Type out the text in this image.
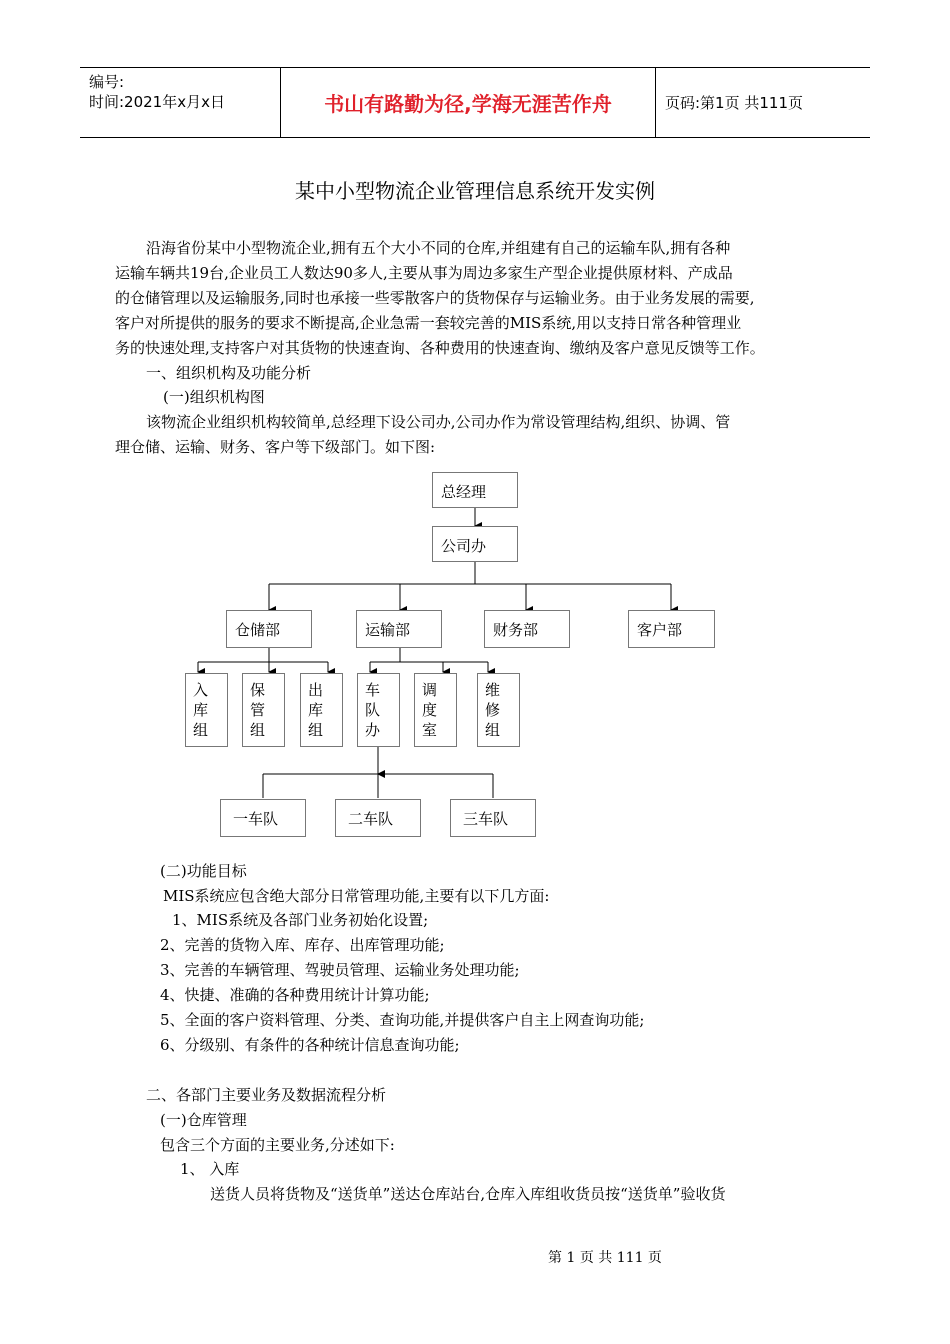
编号:
时间:2021年x月x日	书山有路勤为径,学海无涯苦作舟	页码:第1页 共111页
某中小型物流企业管理信息系统开发实例
沿海省份某中小型物流企业,拥有五个大小不同的仓库,并组建有自己的运输车队,拥有各种
运输车辆共19台,企业员工人数达90多人,主要从事为周边多家生产型企业提供原材料、产成品
的仓储管理以及运输服务,同时也承接一些零散客户的货物保存与运输业务。由于业务发展的需要,
客户对所提供的服务的要求不断提高,企业急需一套较完善的MIS系统,用以支持日常各种管理业
务的快速处理,支持客户对其货物的快速查询、各种费用的快速查询、缴纳及客户意见反馈等工作。
一、组织机构及功能分析
(一)组织机构图
该物流企业组织机构较简单,总经理下设公司办,公司办作为常设管理结构,组织、协调、管
理仓储、运输、财务、客户等下级部门。如下图:
总经理
公司办
仓储部	运输部	财务部	客户部
入库组
保管组
出库组
车队办
调度室
维修组
一车队	二车队	三车队
(二)功能目标
MIS系统应包含绝大部分日常管理功能,主要有以下几方面:
1、MIS系统及各部门业务初始化设置;
2、完善的货物入库、库存、出库管理功能;
3、完善的车辆管理、驾驶员管理、运输业务处理功能;
4、快捷、准确的各种费用统计计算功能;
5、全面的客户资料管理、分类、查询功能,并提供客户自主上网查询功能;
6、分级别、有条件的各种统计信息查询功能;
二、各部门主要业务及数据流程分析
(一)仓库管理
包含三个方面的主要业务,分述如下:
1、 入库
送货人员将货物及“送货单”送达仓库站台,仓库入库组收货员按“送货单”验收货
第 1 页 共 111 页
